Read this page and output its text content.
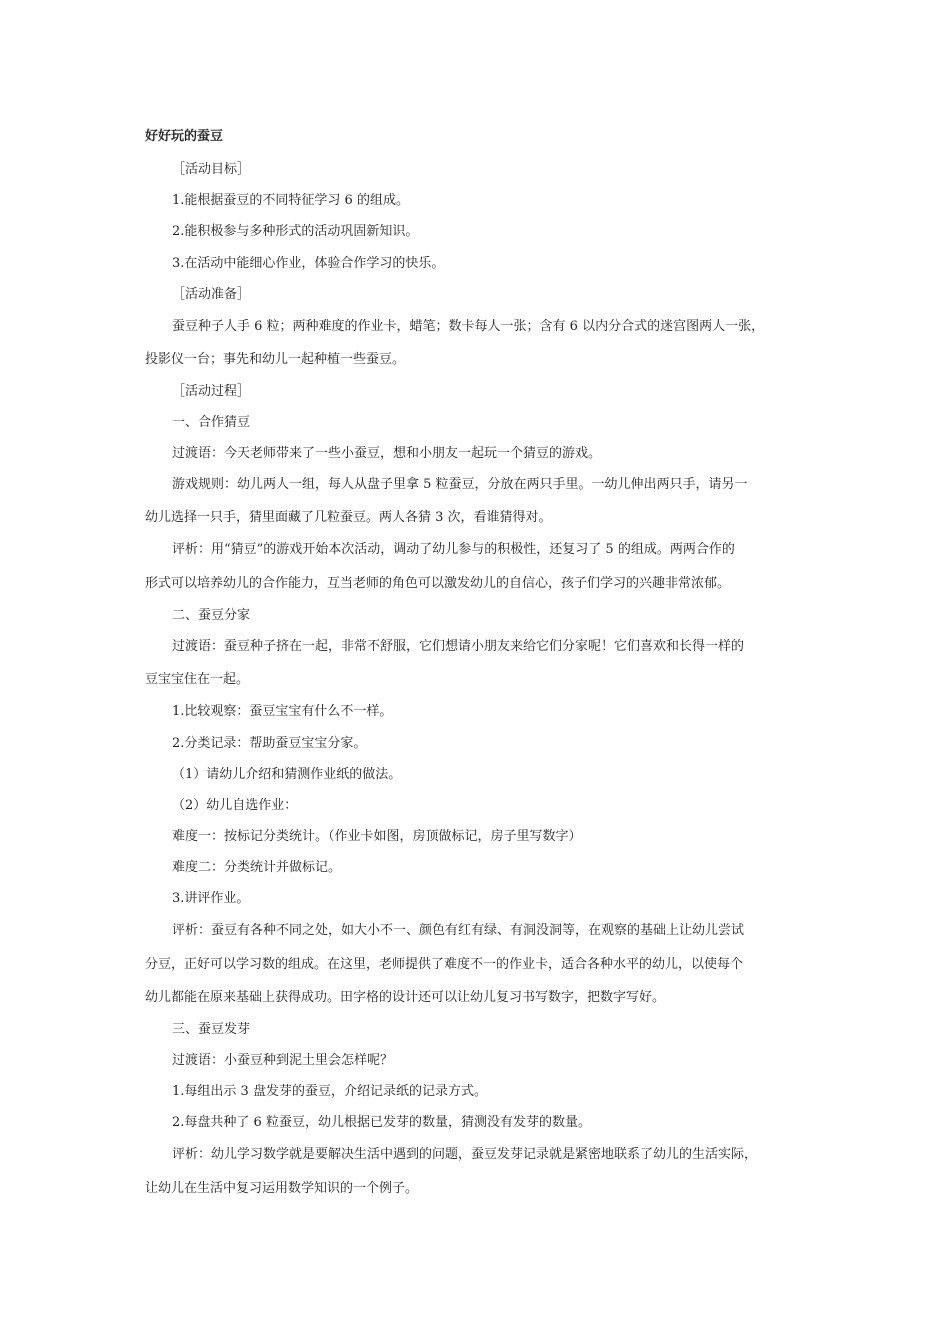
好好玩的蚕豆
［活动目标］
1.能根据蚕豆的不同特征学习 6 的组成。
2.能积极参与多种形式的活动巩固新知识。
3.在活动中能细心作业，体验合作学习的快乐。
［活动准备］
蚕豆种子人手 6 粒；两种难度的作业卡，蜡笔；数卡每人一张；含有 6 以内分合式的迷宫图两人一张，
投影仪一台；事先和幼儿一起种植一些蚕豆。
［活动过程］
一、合作猜豆
过渡语：今天老师带来了一些小蚕豆，想和小朋友一起玩一个猜豆的游戏。
游戏规则：幼儿两人一组，每人从盘子里拿 5 粒蚕豆，分放在两只手里。一幼儿伸出两只手，请另一
幼儿选择一只手，猜里面藏了几粒蚕豆。两人各猜 3 次，看谁猜得对。
评析：用“猜豆”的游戏开始本次活动，调动了幼儿参与的积极性，还复习了 5 的组成。两两合作的
形式可以培养幼儿的合作能力，互当老师的角色可以激发幼儿的自信心，孩子们学习的兴趣非常浓郁。
二、蚕豆分家
过渡语：蚕豆种子挤在一起，非常不舒服，它们想请小朋友来给它们分家呢！它们喜欢和长得一样的
豆宝宝住在一起。
1.比较观察：蚕豆宝宝有什么不一样。
2.分类记录：帮助蚕豆宝宝分家。
（1）请幼儿介绍和猜测作业纸的做法。
（2）幼儿自选作业：
难度一：按标记分类统计。（作业卡如图，房顶做标记，房子里写数字）
难度二：分类统计并做标记。
3.讲评作业。
评析：蚕豆有各种不同之处，如大小不一、颜色有红有绿、有洞没洞等，在观察的基础上让幼儿尝试
分豆，正好可以学习数的组成。在这里，老师提供了难度不一的作业卡，适合各种水平的幼儿，以使每个
幼儿都能在原来基础上获得成功。田字格的设计还可以让幼儿复习书写数字，把数字写好。
三、蚕豆发芽
过渡语：小蚕豆种到泥土里会怎样呢？
1.每组出示 3 盘发芽的蚕豆，介绍记录纸的记录方式。
2.每盘共种了 6 粒蚕豆，幼儿根据已发芽的数量，猜测没有发芽的数量。
评析：幼儿学习数学就是要解决生活中遇到的问题，蚕豆发芽记录就是紧密地联系了幼儿的生活实际，
让幼儿在生活中复习运用数学知识的一个例子。
